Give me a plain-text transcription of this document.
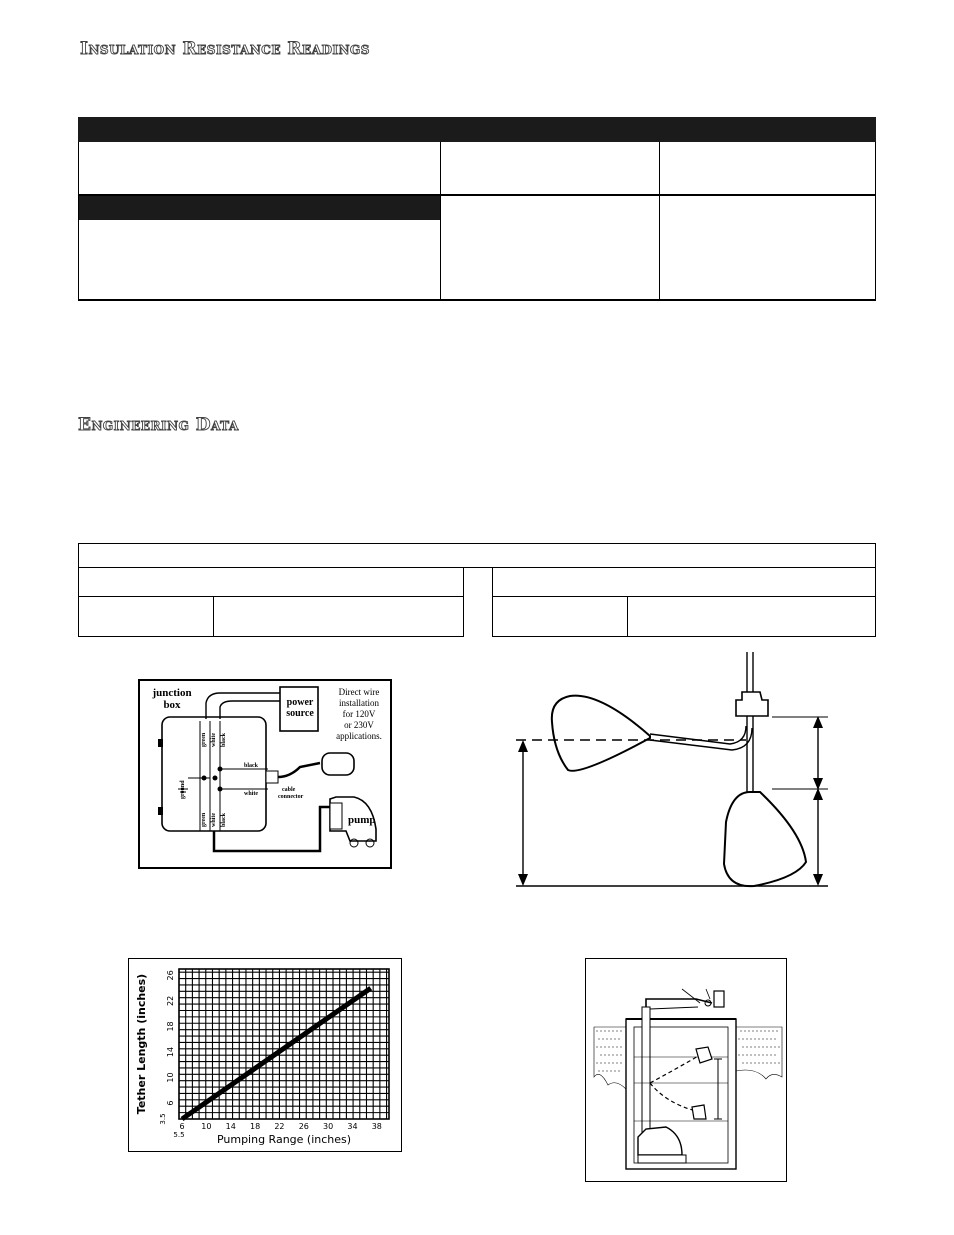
Insulation Resistance Readings
Engineering Data
junction
box	power
source
Direct wire
installation
for 120V
or 230V
applications.
green white black
green white black
ground
black
white
cable
connector
pump
6 10 14 18 22 26 30 34 38
5.5
6
10
14
18
22
26
3.5
Pumping Range (inches)
Tether Length (inches)
